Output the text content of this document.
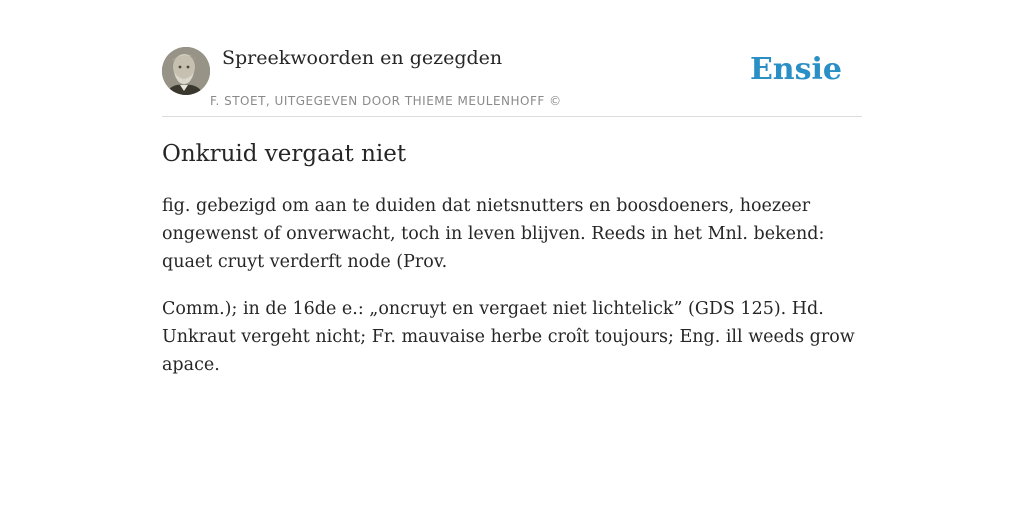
Spreekwoorden en gezegden
F. STOET, UITGEGEVEN DOOR THIEME MEULENHOFF ©
Ensie
Onkruid vergaat niet

fig. gebezigd om aan te duiden dat nietsnutters en boosdoeners, hoezeer ongewenst of onverwacht, toch in leven blijven. Reeds in het Mnl. bekend: quaet cruyt verderft node (Prov.

Comm.); in de 16de e.: „oncruyt en vergaet niet lichtelick” (GDS 125). Hd. Unkraut vergeht nicht; Fr. mauvaise herbe croît toujours; Eng. ill weeds grow apace.
